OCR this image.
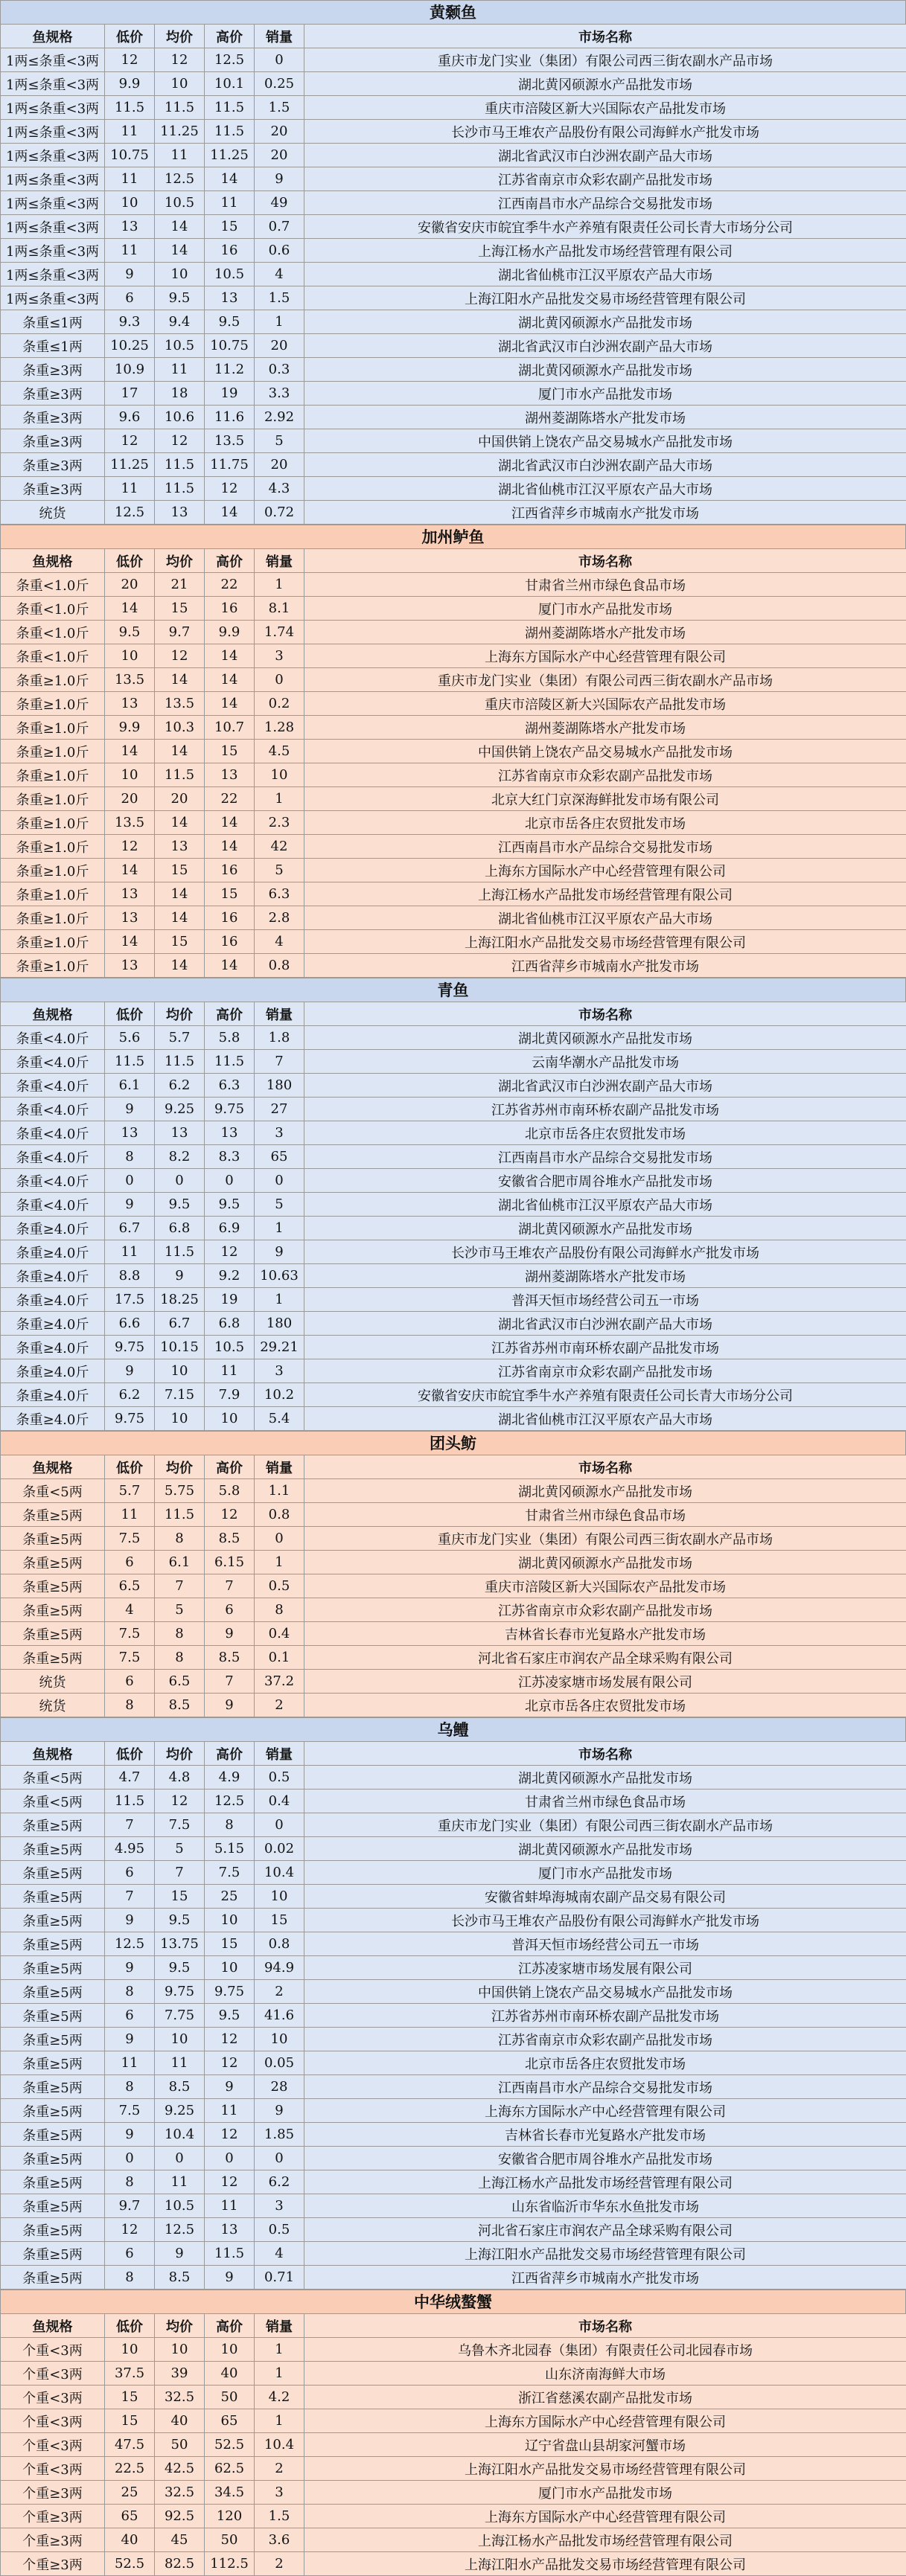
黄颡鱼
鱼规格	低价	均价	高价	销量	市场名称
1两≤条重<3两	12	12	12.5	0	重庆市龙门实业（集团）有限公司西三街农副水产品市场
1两≤条重<3两	9.9	10	10.1	0.25	湖北黄冈硕源水产品批发市场
1两≤条重<3两	11.5	11.5	11.5	1.5	重庆市涪陵区新大兴国际农产品批发市场
1两≤条重<3两	11	11.25	11.5	20	长沙市马王堆农产品股份有限公司海鲜水产批发市场
1两≤条重<3两	10.75	11	11.25	20	湖北省武汉市白沙洲农副产品大市场
1两≤条重<3两	11	12.5	14	9	江苏省南京市众彩农副产品批发市场
1两≤条重<3两	10	10.5	11	49	江西南昌市水产品综合交易批发市场
1两≤条重<3两	13	14	15	0.7	安徽省安庆市皖宜季牛水产养殖有限责任公司长青大市场分公司
1两≤条重<3两	11	14	16	0.6	上海江杨水产品批发市场经营管理有限公司
1两≤条重<3两	9	10	10.5	4	湖北省仙桃市江汉平原农产品大市场
1两≤条重<3两	6	9.5	13	1.5	上海江阳水产品批发交易市场经营管理有限公司
条重≤1两	9.3	9.4	9.5	1	湖北黄冈硕源水产品批发市场
条重≤1两	10.25	10.5	10.75	20	湖北省武汉市白沙洲农副产品大市场
条重≥3两	10.9	11	11.2	0.3	湖北黄冈硕源水产品批发市场
条重≥3两	17	18	19	3.3	厦门市水产品批发市场
条重≥3两	9.6	10.6	11.6	2.92	湖州菱湖陈塔水产批发市场
条重≥3两	12	12	13.5	5	中国供销上饶农产品交易城水产品批发市场
条重≥3两	11.25	11.5	11.75	20	湖北省武汉市白沙洲农副产品大市场
条重≥3两	11	11.5	12	4.3	湖北省仙桃市江汉平原农产品大市场
统货	12.5	13	14	0.72	江西省萍乡市城南水产批发市场
加州鲈鱼
鱼规格	低价	均价	高价	销量	市场名称
条重<1.0斤	20	21	22	1	甘肃省兰州市绿色食品市场
条重<1.0斤	14	15	16	8.1	厦门市水产品批发市场
条重<1.0斤	9.5	9.7	9.9	1.74	湖州菱湖陈塔水产批发市场
条重<1.0斤	10	12	14	3	上海东方国际水产中心经营管理有限公司
条重≥1.0斤	13.5	14	14	0	重庆市龙门实业（集团）有限公司西三街农副水产品市场
条重≥1.0斤	13	13.5	14	0.2	重庆市涪陵区新大兴国际农产品批发市场
条重≥1.0斤	9.9	10.3	10.7	1.28	湖州菱湖陈塔水产批发市场
条重≥1.0斤	14	14	15	4.5	中国供销上饶农产品交易城水产品批发市场
条重≥1.0斤	10	11.5	13	10	江苏省南京市众彩农副产品批发市场
条重≥1.0斤	20	20	22	1	北京大红门京深海鲜批发市场有限公司
条重≥1.0斤	13.5	14	14	2.3	北京市岳各庄农贸批发市场
条重≥1.0斤	12	13	14	42	江西南昌市水产品综合交易批发市场
条重≥1.0斤	14	15	16	5	上海东方国际水产中心经营管理有限公司
条重≥1.0斤	13	14	15	6.3	上海江杨水产品批发市场经营管理有限公司
条重≥1.0斤	13	14	16	2.8	湖北省仙桃市江汉平原农产品大市场
条重≥1.0斤	14	15	16	4	上海江阳水产品批发交易市场经营管理有限公司
条重≥1.0斤	13	14	14	0.8	江西省萍乡市城南水产批发市场
青鱼
鱼规格	低价	均价	高价	销量	市场名称
条重<4.0斤	5.6	5.7	5.8	1.8	湖北黄冈硕源水产品批发市场
条重<4.0斤	11.5	11.5	11.5	7	云南华潮水产品批发市场
条重<4.0斤	6.1	6.2	6.3	180	湖北省武汉市白沙洲农副产品大市场
条重<4.0斤	9	9.25	9.75	27	江苏省苏州市南环桥农副产品批发市场
条重<4.0斤	13	13	13	3	北京市岳各庄农贸批发市场
条重<4.0斤	8	8.2	8.3	65	江西南昌市水产品综合交易批发市场
条重<4.0斤	0	0	0	0	安徽省合肥市周谷堆水产品批发市场
条重<4.0斤	9	9.5	9.5	5	湖北省仙桃市江汉平原农产品大市场
条重≥4.0斤	6.7	6.8	6.9	1	湖北黄冈硕源水产品批发市场
条重≥4.0斤	11	11.5	12	9	长沙市马王堆农产品股份有限公司海鲜水产批发市场
条重≥4.0斤	8.8	9	9.2	10.63	湖州菱湖陈塔水产批发市场
条重≥4.0斤	17.5	18.25	19	1	普洱天恒市场经营公司五一市场
条重≥4.0斤	6.6	6.7	6.8	180	湖北省武汉市白沙洲农副产品大市场
条重≥4.0斤	9.75	10.15	10.5	29.21	江苏省苏州市南环桥农副产品批发市场
条重≥4.0斤	9	10	11	3	江苏省南京市众彩农副产品批发市场
条重≥4.0斤	6.2	7.15	7.9	10.2	安徽省安庆市皖宜季牛水产养殖有限责任公司长青大市场分公司
条重≥4.0斤	9.75	10	10	5.4	湖北省仙桃市江汉平原农产品大市场
团头鲂
鱼规格	低价	均价	高价	销量	市场名称
条重<5两	5.7	5.75	5.8	1.1	湖北黄冈硕源水产品批发市场
条重≥5两	11	11.5	12	0.8	甘肃省兰州市绿色食品市场
条重≥5两	7.5	8	8.5	0	重庆市龙门实业（集团）有限公司西三街农副水产品市场
条重≥5两	6	6.1	6.15	1	湖北黄冈硕源水产品批发市场
条重≥5两	6.5	7	7	0.5	重庆市涪陵区新大兴国际农产品批发市场
条重≥5两	4	5	6	8	江苏省南京市众彩农副产品批发市场
条重≥5两	7.5	8	9	0.4	吉林省长春市光复路水产批发市场
条重≥5两	7.5	8	8.5	0.1	河北省石家庄市润农产品全球采购有限公司
统货	6	6.5	7	37.2	江苏凌家塘市场发展有限公司
统货	8	8.5	9	2	北京市岳各庄农贸批发市场
乌鳢
鱼规格	低价	均价	高价	销量	市场名称
条重<5两	4.7	4.8	4.9	0.5	湖北黄冈硕源水产品批发市场
条重<5两	11.5	12	12.5	0.4	甘肃省兰州市绿色食品市场
条重≥5两	7	7.5	8	0	重庆市龙门实业（集团）有限公司西三街农副水产品市场
条重≥5两	4.95	5	5.15	0.02	湖北黄冈硕源水产品批发市场
条重≥5两	6	7	7.5	10.4	厦门市水产品批发市场
条重≥5两	7	15	25	10	安徽省蚌埠海城南农副产品交易有限公司
条重≥5两	9	9.5	10	15	长沙市马王堆农产品股份有限公司海鲜水产批发市场
条重≥5两	12.5	13.75	15	0.8	普洱天恒市场经营公司五一市场
条重≥5两	9	9.5	10	94.9	江苏凌家塘市场发展有限公司
条重≥5两	8	9.75	9.75	2	中国供销上饶农产品交易城水产品批发市场
条重≥5两	6	7.75	9.5	41.6	江苏省苏州市南环桥农副产品批发市场
条重≥5两	9	10	12	10	江苏省南京市众彩农副产品批发市场
条重≥5两	11	11	12	0.05	北京市岳各庄农贸批发市场
条重≥5两	8	8.5	9	28	江西南昌市水产品综合交易批发市场
条重≥5两	7.5	9.25	11	9	上海东方国际水产中心经营管理有限公司
条重≥5两	9	10.4	12	1.85	吉林省长春市光复路水产批发市场
条重≥5两	0	0	0	0	安徽省合肥市周谷堆水产品批发市场
条重≥5两	8	11	12	6.2	上海江杨水产品批发市场经营管理有限公司
条重≥5两	9.7	10.5	11	3	山东省临沂市华东水鱼批发市场
条重≥5两	12	12.5	13	0.5	河北省石家庄市润农产品全球采购有限公司
条重≥5两	6	9	11.5	4	上海江阳水产品批发交易市场经营管理有限公司
条重≥5两	8	8.5	9	0.71	江西省萍乡市城南水产批发市场
中华绒螯蟹
鱼规格	低价	均价	高价	销量	市场名称
个重<3两	10	10	10	1	乌鲁木齐北园春（集团）有限责任公司北园春市场
个重<3两	37.5	39	40	1	山东济南海鲜大市场
个重<3两	15	32.5	50	4.2	浙江省慈溪农副产品批发市场
个重<3两	15	40	65	1	上海东方国际水产中心经营管理有限公司
个重<3两	47.5	50	52.5	10.4	辽宁省盘山县胡家河蟹市场
个重<3两	22.5	42.5	62.5	2	上海江阳水产品批发交易市场经营管理有限公司
个重≥3两	25	32.5	34.5	3	厦门市水产品批发市场
个重≥3两	65	92.5	120	1.5	上海东方国际水产中心经营管理有限公司
个重≥3两	40	45	50	3.6	上海江杨水产品批发市场经营管理有限公司
个重≥3两	52.5	82.5	112.5	2	上海江阳水产品批发交易市场经营管理有限公司
